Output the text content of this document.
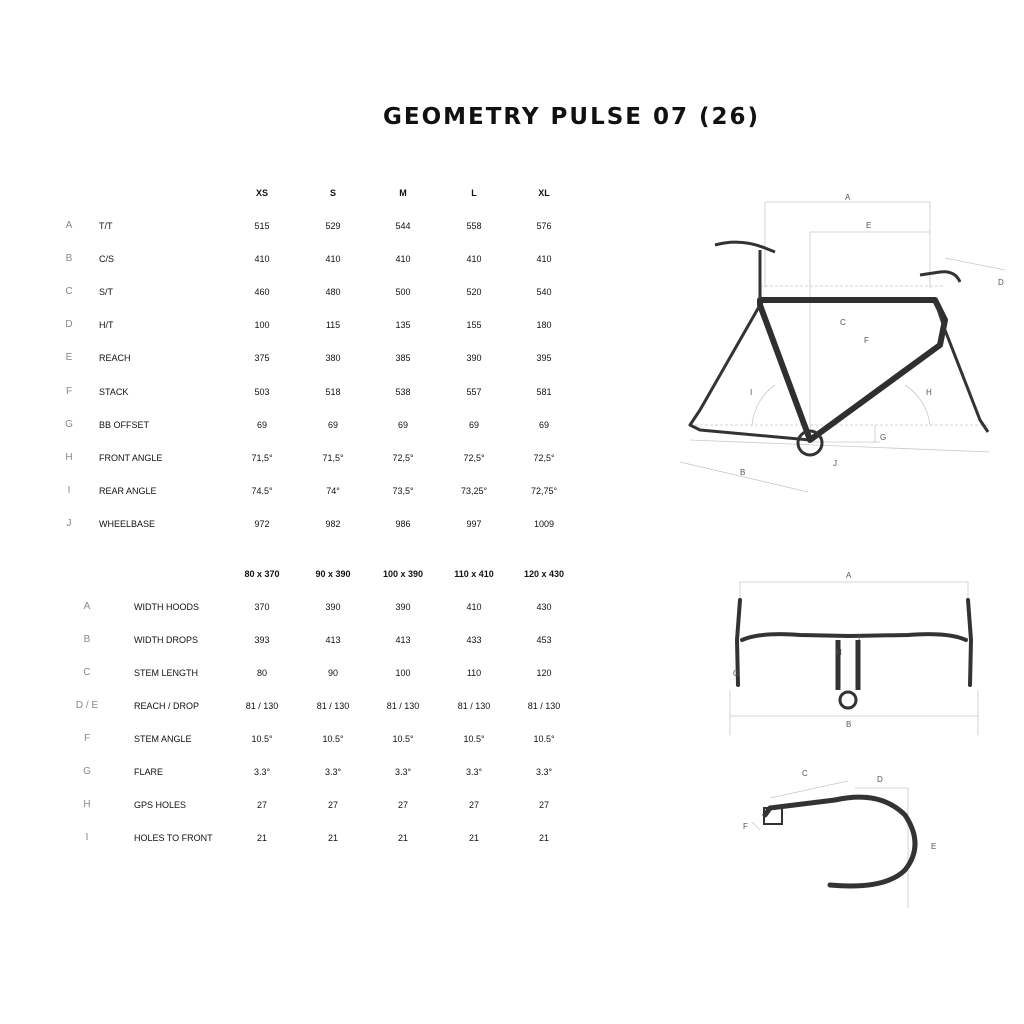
GEOMETRY PULSE 07 (26)
XS	S	M	L	XL
A	T/T	515	529	544	558	576
B	C/S	410	410	410	410	410
C	S/T	460	480	500	520	540
D	H/T	100	115	135	155	180
E	REACH	375	380	385	390	395
F	STACK	503	518	538	557	581
G	BB OFFSET	69	69	69	69	69
H	FRONT ANGLE	71,5°	71,5°	72,5°	72,5°	72,5°
I	REAR ANGLE	74.5°	74°	73,5°	73,25°	72,75°
J	WHEELBASE	972	982	986	997	1009
80 x 370	90 x 390	100 x 390	110 x 410	120 x 430
A	WIDTH HOODS	370	390	390	410	430
B	WIDTH DROPS	393	413	413	433	453
C	STEM LENGTH	80	90	100	110	120
D / E	REACH / DROP	81 / 130	81 / 130	81 / 130	81 / 130	81 / 130
F	STEM ANGLE	10.5°	10.5°	10.5°	10.5°	10.5°
G	FLARE	3.3°	3.3°	3.3°	3.3°	3.3°
H	GPS HOLES	27	27	27	27	27
I	HOLES TO FRONT	21	21	21	21	21
A
E
D
C
F
I	H
G
B
J
A
I
H
G
B
C
D
F
E
